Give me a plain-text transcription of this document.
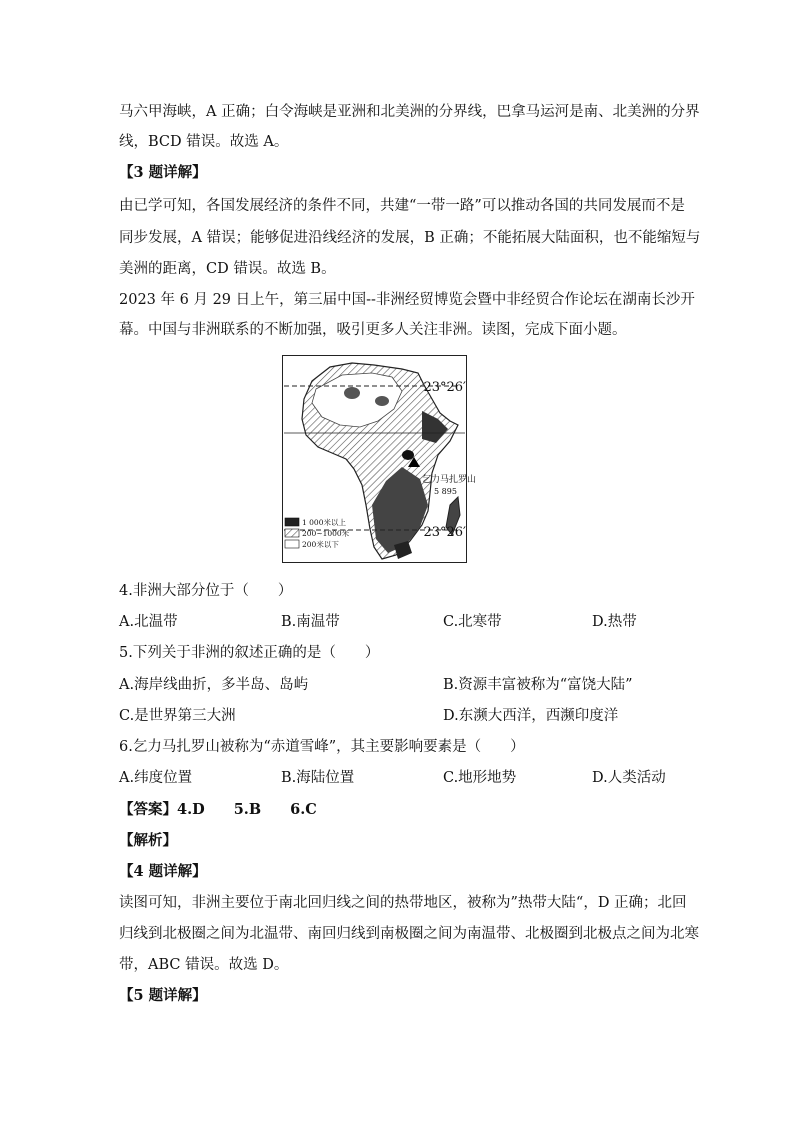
马六甲海峡，A 正确；白令海峡是亚洲和北美洲的分界线，巴拿马运河是南、北美洲的分界
线，BCD 错误。故选 A。
【3 题详解】
由已学可知，各国发展经济的条件不同，共建“一带一路”可以推动各国的共同发展而不是
同步发展，A 错误；能够促进沿线经济的发展，B 正确；不能拓展大陆面积，也不能缩短与
美洲的距离，CD 错误。故选 B。
2023 年 6 月 29 日上午，第三届中国--非洲经贸博览会暨中非经贸合作论坛在湖南长沙开
幕。中国与非洲联系的不断加强，吸引更多人关注非洲。读图，完成下面小题。
23°26′
23°26′
乞力马扎罗山
5 895
1 000米以上
200~1000米
200米以下
4.非洲大部分位于（　　）
A.北温带	B.南温带	C.北寒带	D.热带
5.下列关于非洲的叙述正确的是（　　）
A.海岸线曲折，多半岛、岛屿	B.资源丰富被称为“富饶大陆”
C.是世界第三大洲	D.东濒大西洋，西濒印度洋
6.乞力马扎罗山被称为“赤道雪峰”，其主要影响要素是（　　）
A.纬度位置	B.海陆位置	C.地形地势	D.人类活动
【答案】4.D　　5.B　　6.C
【解析】
【4 题详解】
读图可知，非洲主要位于南北回归线之间的热带地区，被称为”热带大陆“，D 正确；北回
归线到北极圈之间为北温带、南回归线到南极圈之间为南温带、北极圈到北极点之间为北寒
带，ABC 错误。故选 D。
【5 题详解】
